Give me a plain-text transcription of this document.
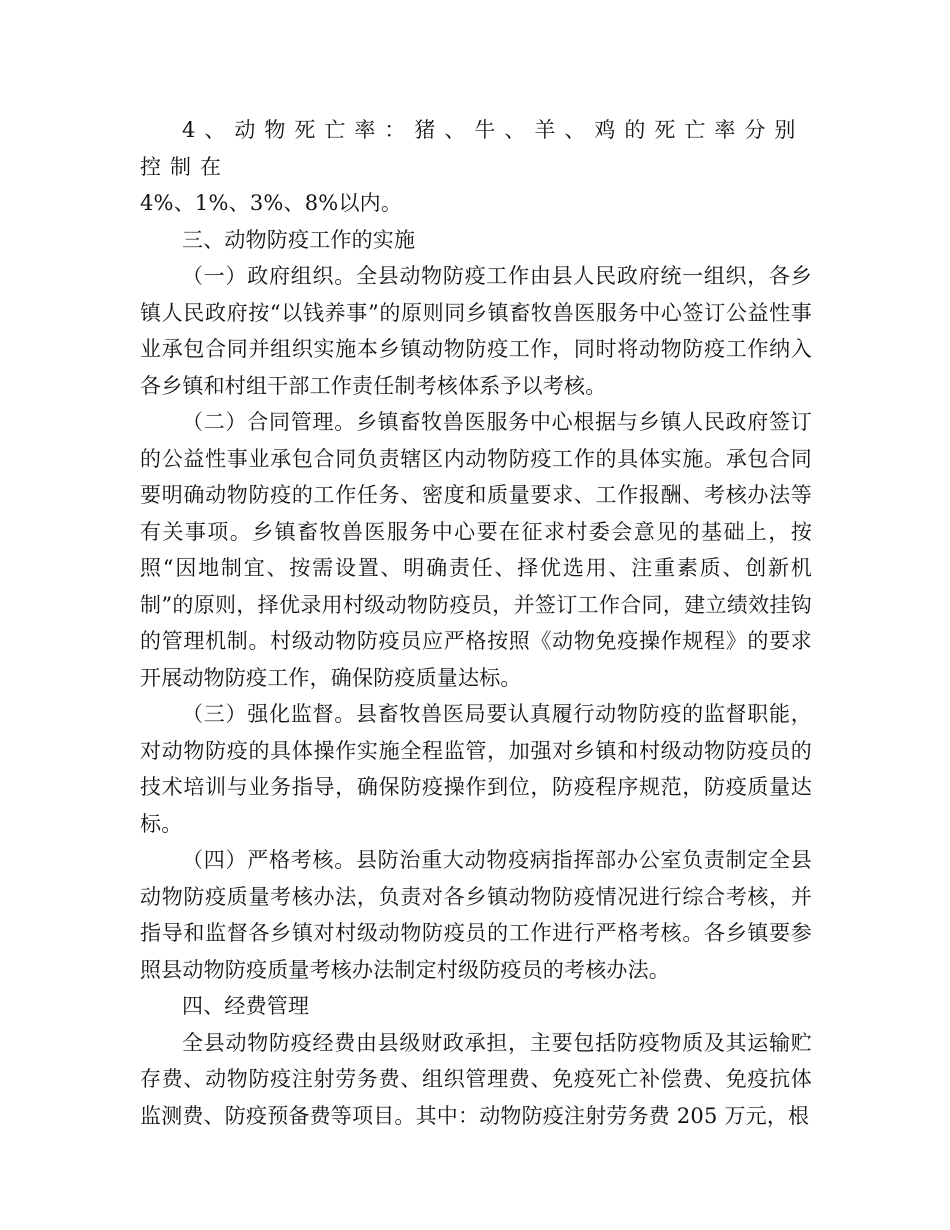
4、动物死亡率：猪、牛、羊、鸡的死亡率分别控制在

4%、1%、3%、8%以内。

三、动物防疫工作的实施

（一）政府组织。全县动物防疫工作由县人民政府统一组织，各乡镇人民政府按“以钱养事”的原则同乡镇畜牧兽医服务中心签订公益性事业承包合同并组织实施本乡镇动物防疫工作，同时将动物防疫工作纳入各乡镇和村组干部工作责任制考核体系予以考核。

（二）合同管理。乡镇畜牧兽医服务中心根据与乡镇人民政府签订的公益性事业承包合同负责辖区内动物防疫工作的具体实施。承包合同要明确动物防疫的工作任务、密度和质量要求、工作报酬、考核办法等有关事项。乡镇畜牧兽医服务中心要在征求村委会意见的基础上，按照“因地制宜、按需设置、明确责任、择优选用、注重素质、创新机制”的原则，择优录用村级动物防疫员，并签订工作合同，建立绩效挂钩的管理机制。村级动物防疫员应严格按照《动物免疫操作规程》的要求开展动物防疫工作，确保防疫质量达标。

（三）强化监督。县畜牧兽医局要认真履行动物防疫的监督职能，对动物防疫的具体操作实施全程监管，加强对乡镇和村级动物防疫员的技术培训与业务指导，确保防疫操作到位，防疫程序规范，防疫质量达标。

（四）严格考核。县防治重大动物疫病指挥部办公室负责制定全县动物防疫质量考核办法，负责对各乡镇动物防疫情况进行综合考核，并指导和监督各乡镇对村级动物防疫员的工作进行严格考核。各乡镇要参照县动物防疫质量考核办法制定村级防疫员的考核办法。

四、经费管理

全县动物防疫经费由县级财政承担，主要包括防疫物质及其运输贮存费、动物防疫注射劳务费、组织管理费、免疫死亡补偿费、免疫抗体监测费、防疫预备费等项目。其中：动物防疫注射劳务费 205 万元，根
